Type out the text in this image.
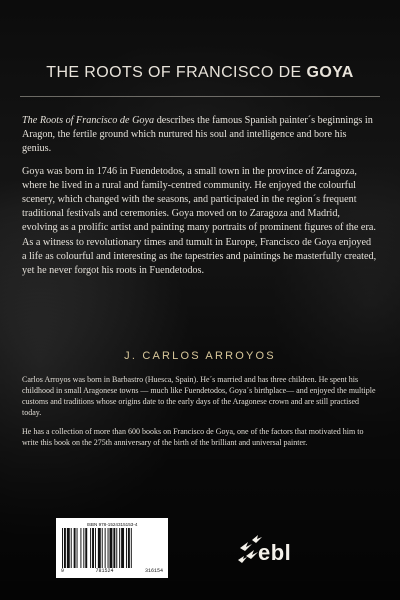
THE ROOTS OF FRANCISCO DE GOYA

The Roots of Francisco de Goya describes the famous Spanish painter´s beginnings in Aragon, the fertile ground which nurtured his soul and intelligence and bore his genius.

Goya was born in 1746 in Fuendetodos, a small town in the province of Zaragoza, where he lived in a rural and family-centred community. He enjoyed the colourful scenery, which changed with the seasons, and participated in the region´s frequent traditional festivals and ceremonies. Goya moved on to Zaragoza and Madrid, evolving as a prolific artist and painting many portraits of prominent figures of the era. As a witness to revolutionary times and tumult in Europe, Francisco de Goya enjoyed a life as colourful and interesting as the tapestries and paintings he masterfully created, yet he never forgot his roots in Fuendetodos.

J. CARLOS ARROYOS

Carlos Arroyos was born in Barbastro (Huesca, Spain). He´s married and has three children. He spent his childhood in small Aragonese towns — much like Fuendetodos, Goya´s birthplace— and enjoyed the multiple customs and traditions whose origins date to the early days of the Aragonese crown and are still practised today.

He has a collection of more than 600 books on Francisco de Goya, one of the factors that motivated him to write this book on the 275th anniversary of the birth of the brilliant and universal painter.

ISBN 978-1524315153-4
9	781524	316154
ebl
